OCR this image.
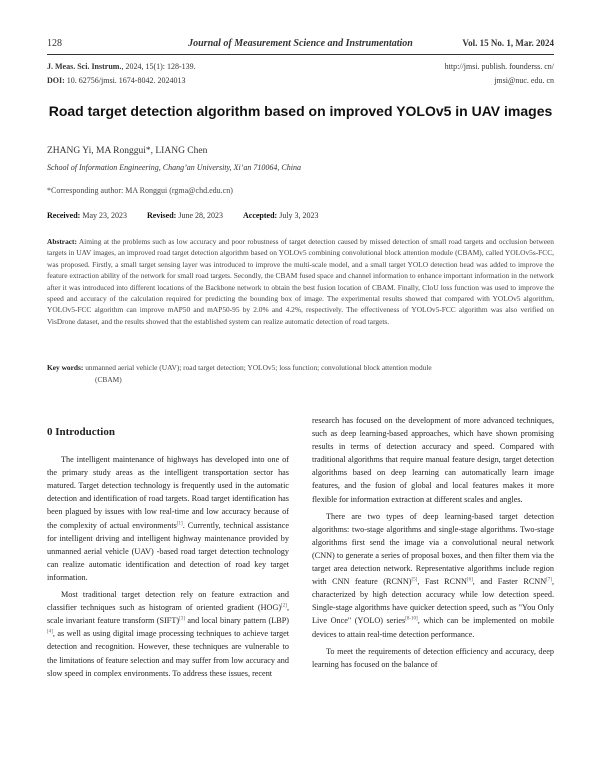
128	Journal of Measurement Science and Instrumentation	Vol. 15 No. 1, Mar. 2024
J. Meas. Sci. Instrum., 2024, 15(1): 128-139.	http://jmsi. publish. founderss. cn/
DOI: 10. 62756/jmsi. 1674-8042. 2024013	jmsi@nuc. edu. cn
Road target detection algorithm based on improved YOLOv5 in UAV images
ZHANG Yi, MA Ronggui*, LIANG Chen
School of Information Engineering, Chang’an University, Xi’an 710064, China
*Corresponding author: MA Ronggui (rgma@chd.edu.cn)
Received: May 23, 2023	Revised: June 28, 2023	Accepted: July 3, 2023
Abstract: Aiming at the problems such as low accuracy and poor robustness of target detection caused by missed detection of small road targets and occlusion between targets in UAV images, an improved road target detection algorithm based on YOLOv5 combining convolutional block attention module (CBAM), called YOLOv5s-FCC, was proposed. Firstly, a small target sensing layer was introduced to improve the multi-scale model, and a small target YOLO detection head was added to improve the feature extraction ability of the network for small road targets. Secondly, the CBAM fused space and channel information to enhance important information in the network after it was introduced into different locations of the Backbone network to obtain the best fusion location of CBAM. Finally, CIoU loss function was used to improve the speed and accuracy of the calculation required for predicting the bounding box of image. The experimental results showed that compared with YOLOv5 algorithm, YOLOv5-FCC algorithm can improve mAP50 and mAP50-95 by 2.0% and 4.2%, respectively. The effectiveness of YOLOv5-FCC algorithm was also verified on VisDrone dataset, and the results showed that the established system can realize automatic detection of road targets.
Key words: unmanned aerial vehicle (UAV); road target detection; YOLOv5; loss function; convolutional block attention module
(CBAM)
0 Introduction

The intelligent maintenance of highways has developed into one of the primary study areas as the intelligent transportation sector has matured. Target detection technology is frequently used in the automatic detection and identification of road targets. Road target identification has been plagued by issues with low real-time and low accuracy because of the complexity of actual environments[1]. Currently, technical assistance for intelligent driving and intelligent highway maintenance provided by unmanned aerial vehicle (UAV) -based road target detection technology can realize automatic identification and detection of road key target information.

Most traditional target detection rely on feature extraction and classifier techniques such as histogram of oriented gradient (HOG)[2], scale invariant feature transform (SIFT)[3] and local binary pattern (LBP)[4], as well as using digital image processing techniques to achieve target detection and recognition. However, these techniques are vulnerable to the limitations of feature selection and may suffer from low accuracy and slow speed in complex environments. To address these issues, recent

research has focused on the development of more advanced techniques, such as deep learning-based approaches, which have shown promising results in terms of detection accuracy and speed. Compared with traditional algorithms that require manual feature design, target detection algorithms based on deep learning can automatically learn image features, and the fusion of global and local features makes it more flexible for information extraction at different scales and angles.

There are two types of deep learning-based target detection algorithms: two-stage algorithms and single-stage algorithms. Two-stage algorithms first send the image via a convolutional neural network (CNN) to generate a series of proposal boxes, and then filter them via the target area detection network. Representative algorithms include region with CNN feature (RCNN)[5], Fast RCNN[6], and Faster RCNN[7], characterized by high detection accuracy while low detection speed. Single-stage algorithms have quicker detection speed, such as "You Only Live Once" (YOLO) series[8-10], which can be implemented on mobile devices to attain real-time detection performance.

To meet the requirements of detection efficiency and accuracy, deep learning has focused on the balance of
